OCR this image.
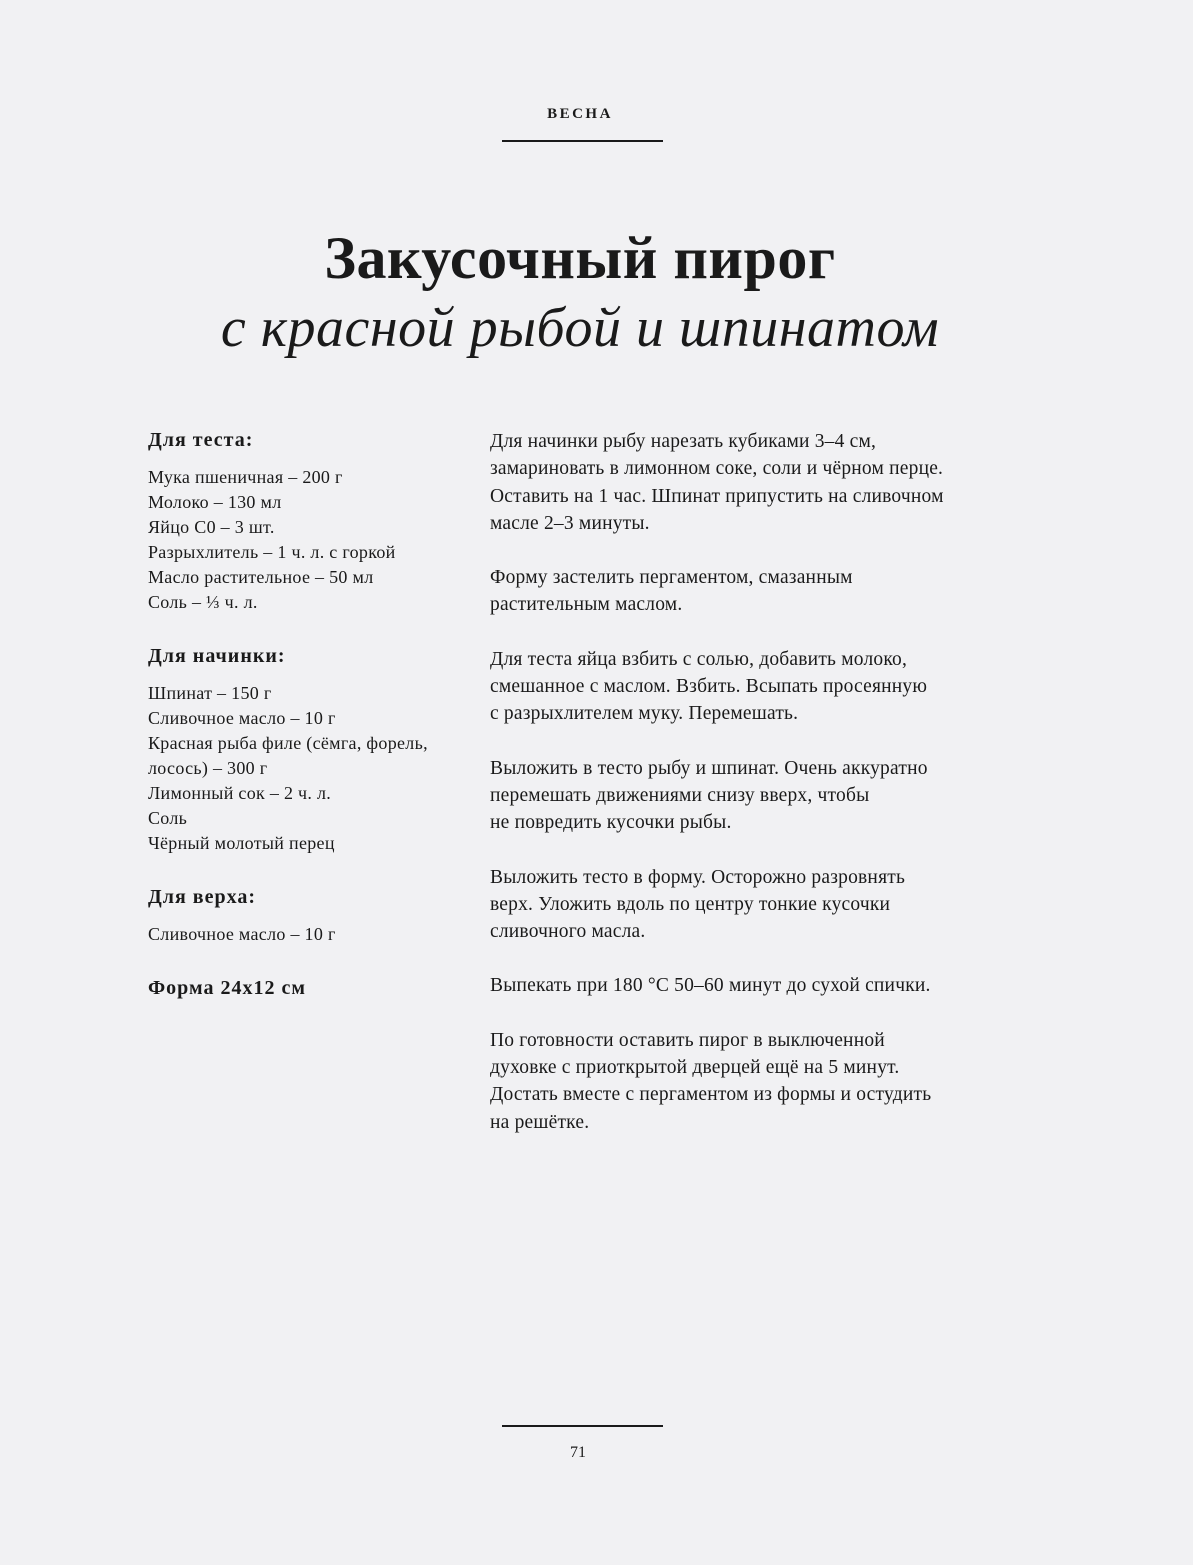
ВЕСНА
Закусочный пирог
с красной рыбой и шпинатом
Для теста:
Мука пшеничная – 200 г
Молоко – 130 мл
Яйцо С0 – 3 шт.
Разрыхлитель – 1 ч. л. с горкой
Масло растительное – 50 мл
Соль – ⅓ ч. л.
Для начинки:
Шпинат – 150 г
Сливочное масло – 10 г
Красная рыба филе (сёмга, форель, лосось) – 300 г
Лимонный сок – 2 ч. л.
Соль
Чёрный молотый перец
Для верха:
Сливочное масло – 10 г
Форма 24x12 см

Для начинки рыбу нарезать кубиками 3–4 см,
замариновать в лимонном соке, соли и чёрном перце.
Оставить на 1 час. Шпинат припустить на сливочном
масле 2–3 минуты.

Форму застелить пергаментом, смазанным
растительным маслом.

Для теста яйца взбить с солью, добавить молоко,
смешанное с маслом. Взбить. Всыпать просеянную
с разрыхлителем муку. Перемешать.

Выложить в тесто рыбу и шпинат. Очень аккуратно
перемешать движениями снизу вверх, чтобы
не повредить кусочки рыбы.

Выложить тесто в форму. Осторожно разровнять
верх. Уложить вдоль по центру тонкие кусочки
сливочного масла.

Выпекать при 180 °С 50–60 минут до сухой спички.

По готовности оставить пирог в выключенной
духовке с приоткрытой дверцей ещё на 5 минут.
Достать вместе с пергаментом из формы и остудить
на решётке.

71
